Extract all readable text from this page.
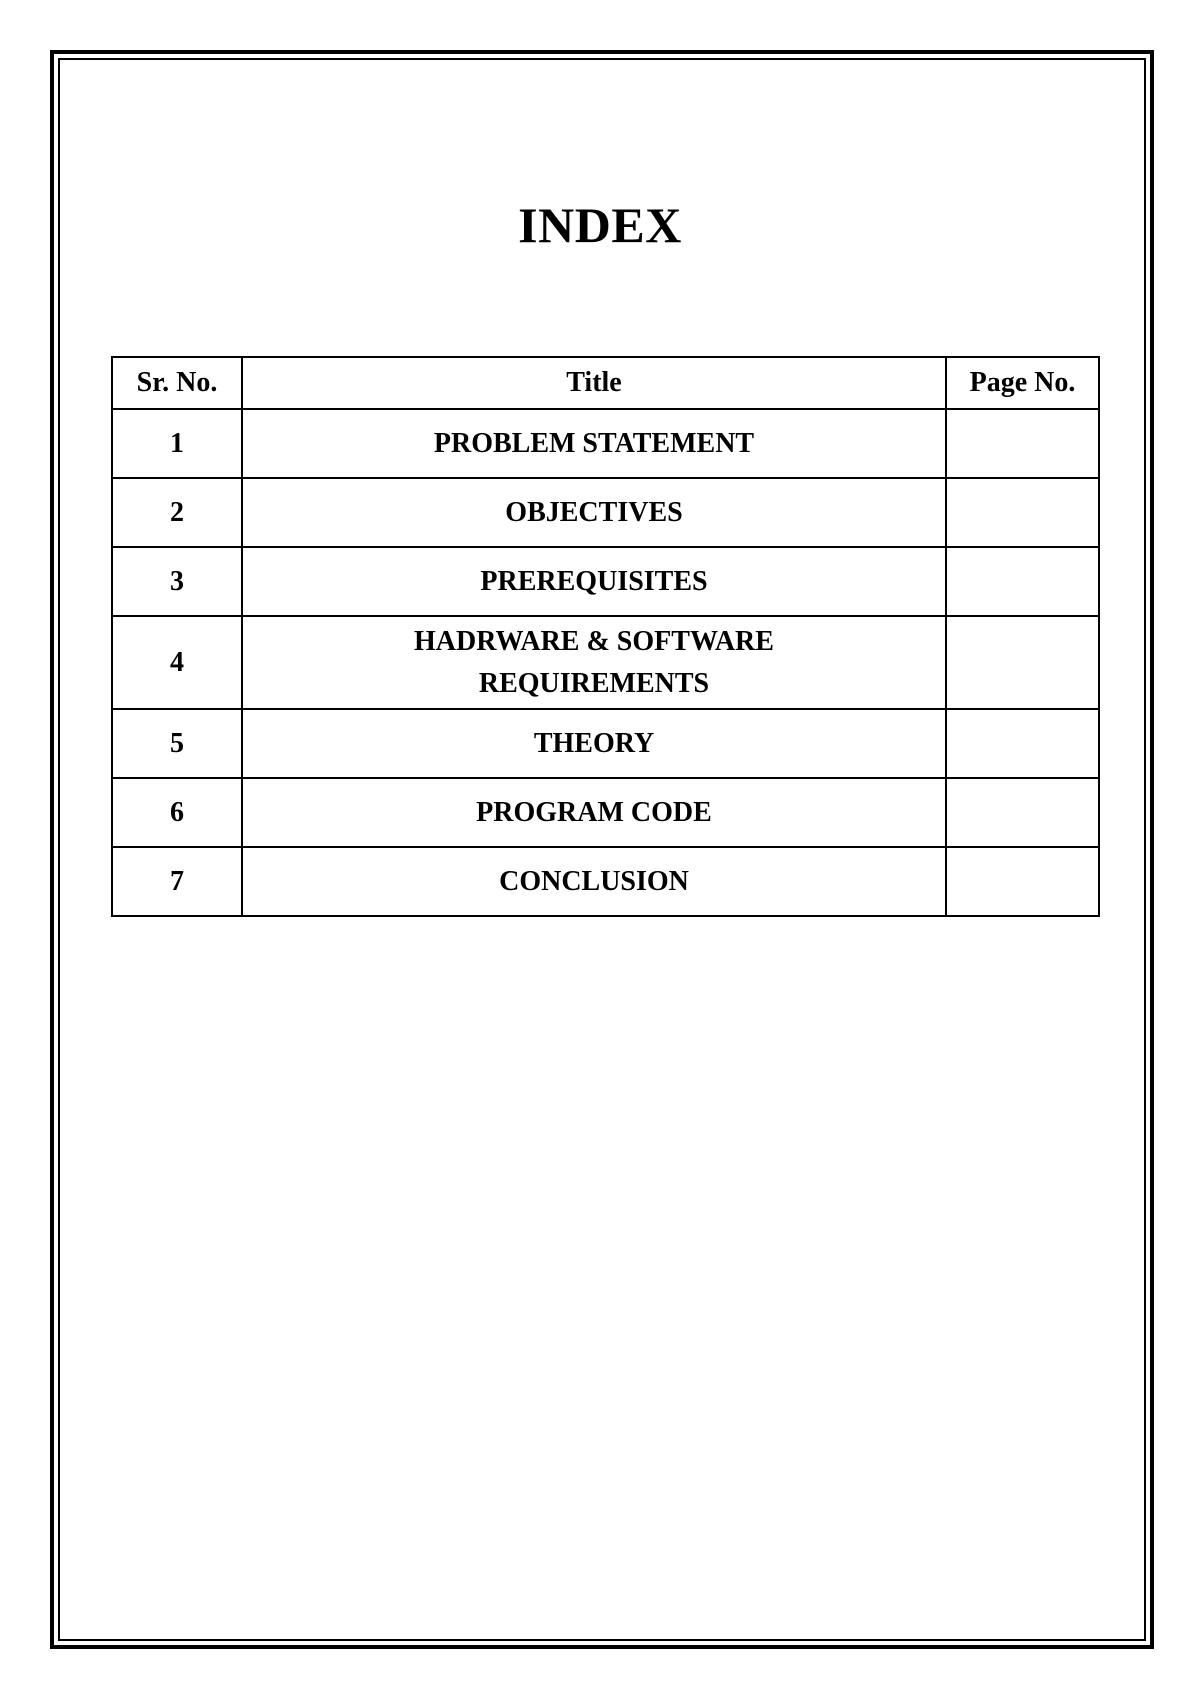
INDEX
Sr. No.	Title	Page No.
1	PROBLEM STATEMENT	
2	OBJECTIVES	
3	PREREQUISITES	
4	HADRWARE & SOFTWARE
REQUIREMENTS	

5	THEORY	
6	PROGRAM CODE	
7	CONCLUSION	
